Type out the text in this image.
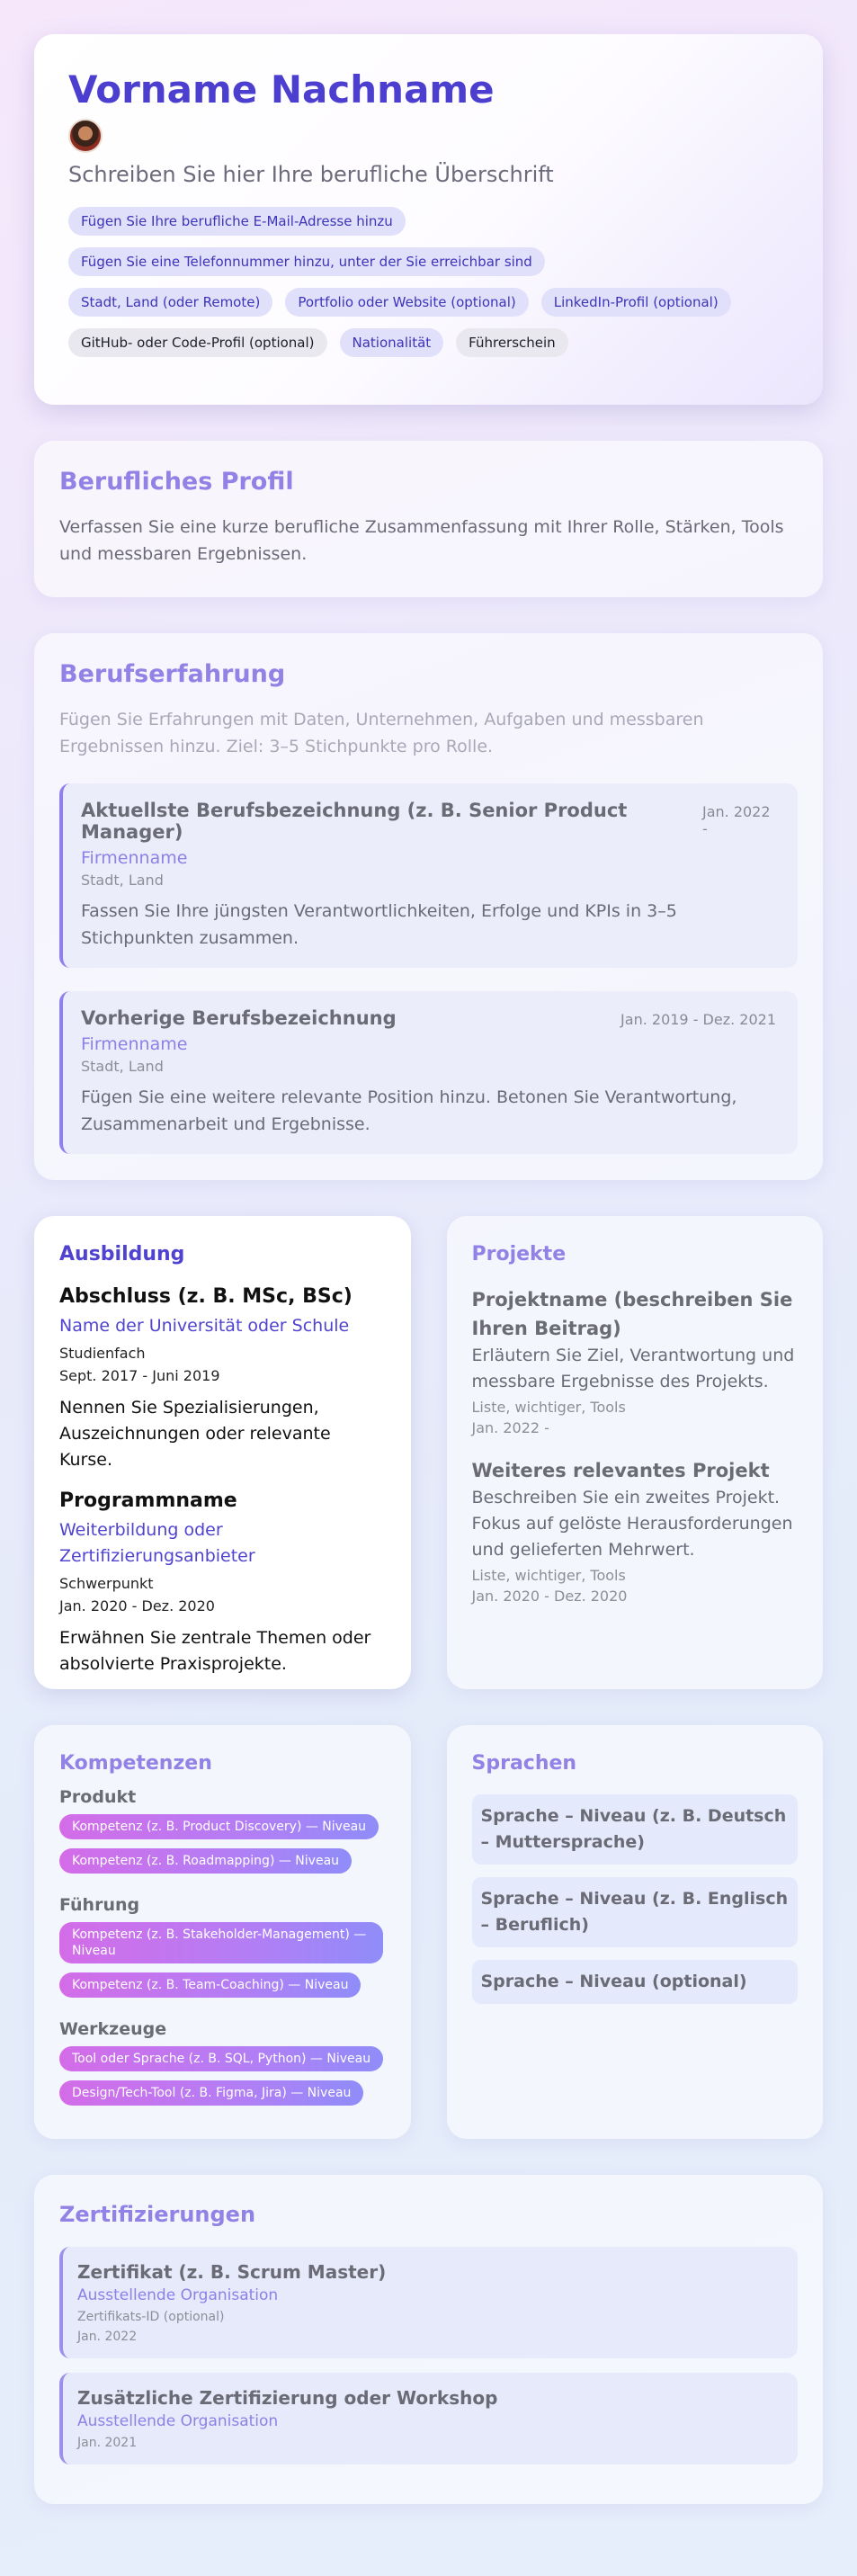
Vorname Nachname
Schreiben Sie hier Ihre berufliche Überschrift
Fügen Sie Ihre berufliche E-Mail-Adresse hinzu
Fügen Sie eine Telefonnummer hinzu, unter der Sie erreichbar sind
Stadt, Land (oder Remote)	Portfolio oder Website (optional)	LinkedIn-Profil (optional)
GitHub- oder Code-Profil (optional)	Nationalität	Führerschein
Berufliches Profil
Verfassen Sie eine kurze berufliche Zusammenfassung mit Ihrer Rolle, Stärken, Tools und messbaren Ergebnissen.
Berufserfahrung
Fügen Sie Erfahrungen mit Daten, Unternehmen, Aufgaben und messbaren Ergebnissen hinzu. Ziel: 3–5 Stichpunkte pro Rolle.
Aktuellste Berufsbezeichnung (z. B. Senior Product Manager)
Jan. 2022 -
Firmenname
Stadt, Land
Fassen Sie Ihre jüngsten Verantwortlichkeiten, Erfolge und KPIs in 3–5 Stichpunkten zusammen.
Vorherige Berufsbezeichnung	Jan. 2019 - Dez. 2021
Firmenname
Stadt, Land
Fügen Sie eine weitere relevante Position hinzu. Betonen Sie Verantwortung, Zusammenarbeit und Ergebnisse.
Ausbildung
Abschluss (z. B. MSc, BSc)
Name der Universität oder Schule
Studienfach
Sept. 2017 - Juni 2019
Nennen Sie Spezialisierungen, Auszeichnungen oder relevante Kurse.
Programmname
Weiterbildung oder Zertifizierungsanbieter
Schwerpunkt
Jan. 2020 - Dez. 2020
Erwähnen Sie zentrale Themen oder absolvierte Praxisprojekte.
Projekte
Projektname (beschreiben Sie Ihren Beitrag)
Erläutern Sie Ziel, Verantwortung und messbare Ergebnisse des Projekts.
Liste, wichtiger, Tools
Jan. 2022 -
Weiteres relevantes Projekt
Beschreiben Sie ein zweites Projekt. Fokus auf gelöste Herausforderungen und gelieferten Mehrwert.
Liste, wichtiger, Tools
Jan. 2020 - Dez. 2020
Kompetenzen
Produkt
Kompetenz (z. B. Product Discovery) — Niveau
Kompetenz (z. B. Roadmapping) — Niveau
Führung
Kompetenz (z. B. Stakeholder-Management) — Niveau
Kompetenz (z. B. Team-Coaching) — Niveau
Werkzeuge
Tool oder Sprache (z. B. SQL, Python) — Niveau
Design/Tech-Tool (z. B. Figma, Jira) — Niveau
Sprachen
Sprache – Niveau (z. B. Deutsch – Muttersprache)
Sprache – Niveau (z. B. Englisch – Beruflich)
Sprache – Niveau (optional)
Zertifizierungen
Zertifikat (z. B. Scrum Master)
Ausstellende Organisation
Zertifikats-ID (optional)
Jan. 2022
Zusätzliche Zertifizierung oder Workshop
Ausstellende Organisation
Jan. 2021
